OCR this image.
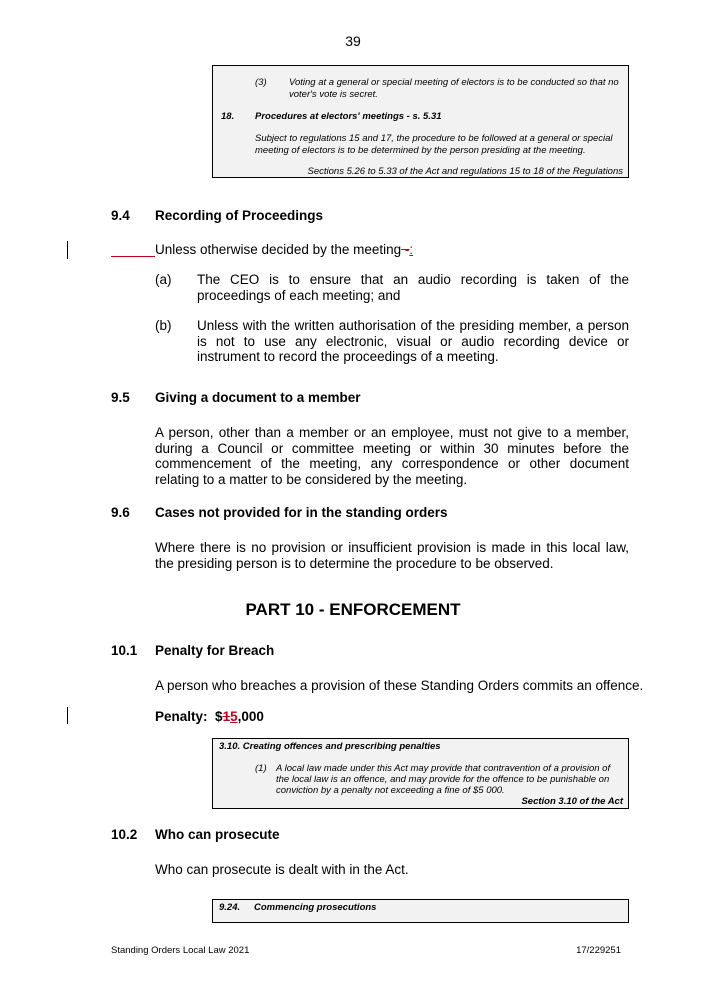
39
(3) Voting at a general or special meeting of electors is to be conducted so that no
voter's vote is secret.
18. Procedures at electors' meetings - s. 5.31
Subject to regulations 15 and 17, the procedure to be followed at a general or special
meeting of electors is to be determined by the person presiding at the meeting.
Sections 5.26 to 5.33 of the Act and regulations 15 to 18 of the Regulations
9.4 Recording of Proceedings
Unless otherwise decided by the meeting -:
(a) The CEO is to ensure that an audio recording is taken of the proceedings of each meeting; and
(b) Unless with the written authorisation of the presiding member, a person is not to use any electronic, visual or audio recording device or instrument to record the proceedings of a meeting.
9.5 Giving a document to a member
A person, other than a member or an employee, must not give to a member, during a Council or committee meeting or within 30 minutes before the commencement of the meeting, any correspondence or other document relating to a matter to be considered by the meeting.
9.6 Cases not provided for in the standing orders
Where there is no provision or insufficient provision is made in this local law, the presiding person is to determine the procedure to be observed.
PART 10 - ENFORCEMENT
10.1 Penalty for Breach
A person who breaches a provision of these Standing Orders commits an offence.
Penalty: $15,000
3.10. Creating offences and prescribing penalties
(1) A local law made under this Act may provide that contravention of a provision of
the local law is an offence, and may provide for the offence to be punishable on
conviction by a penalty not exceeding a fine of $5 000.
Section 3.10 of the Act
10.2 Who can prosecute
Who can prosecute is dealt with in the Act.
9.24. Commencing prosecutions
Standing Orders Local Law 2021	17/229251
